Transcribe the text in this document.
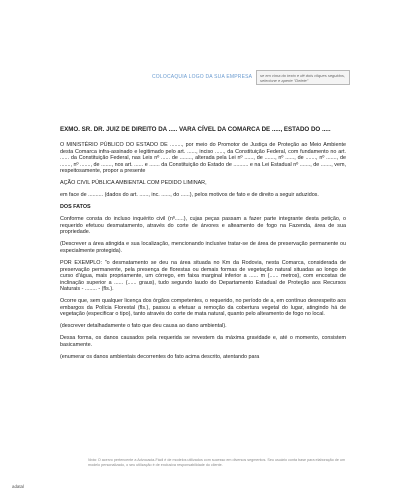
COLOCAQUIA LOGO DA SUA EMPRESA	se em cima do texto e dê dois cliques seguidos, selecione e aperte "Delete"

EXMO. SR. DR. JUIZ DE DIREITO DA ..... VARA CÍVEL DA COMARCA DE ....., ESTADO DO .....

O MINISTÉRIO PÚBLICO DO ESTADO DE ........, por meio do Promotor de Justiça de Proteção ao Meio Ambiente desta Comarca infra-assinado e legitimado pelo art. ......, inciso ......, da Constituição Federal, com fundamento no art. ...... da Constituição Federal, nas Leis nº ...... de ........, alterada pela Lei nº ......, de ......., nº ......, de ......., nº ......., de ......., nº ......., de ......., nos art. ...... e ....... da Constituição do Estado de .......... e na Lei Estadual nº ......., de ......., vem, respeitosamente, propor a presente

AÇÃO CIVIL PÚBLICA AMBIENTAL COM PEDIDO LIMINAR,

em face de .......... (dados do art. ......, inc. ......, do ......), pelos motivos de fato e de direito a seguir aduzidos.

DOS FATOS

Conforme consta do incluso inquérito civil (nº......), cujas peças passam a fazer parte integrante desta petição, o requerido efetuou desmatamento, através do corte de árvores e alteamento de fogo na Fazenda, área de sua propriedade.

(Descrever a área atingida e sua localização, mencionando inclusive tratar-se de área de preservação permanente ou especialmente protegida).

POR EXEMPLO: "o desmatamento se deu na área situada no Km da Rodovia, nesta Comarca, considerada de preservação permanente, pela presença de florestas ou demais formas de vegetação natural situadas ao longo de curso d'água, mais propriamente, um córrego, em faixa marginal inferior a ...... m (...... metros), com encostas de inclinação superior a ...... (...... graus), tudo segundo laudo do Departamento Estadual de Proteção aos Recursos Naturais - ........ - (fls.).

Ocorre que, sem qualquer licença dos órgãos competentes, o requerido, no período de a, em contínuo desrespeito aos embargos da Polícia Florestal (fls.), passou a efetuar a remoção da cobertura vegetal do lugar, atingindo há de vegetação (especificar o tipo), tanto através do corte de mata natural, quanto pelo alteamento de fogo no local.

(descrever detalhadamente o fato que deu causa ao dano ambiental).

Dessa forma, os danos causados pela requerida se revestem da máxima gravidade e, até o momento, consistem basicamente.

(enumerar os danos ambientais decorrentes do fato acima descrito, atentando para

Nota: O acervo pertencente a Advocacia-Fácil é de modelos utilizados com sucesso em diversos segmentos. Seu usuário conta base para elaboração de um modelo personalizado, o seu utilização é de exclusiva responsabilidade do cliente.
adatal
